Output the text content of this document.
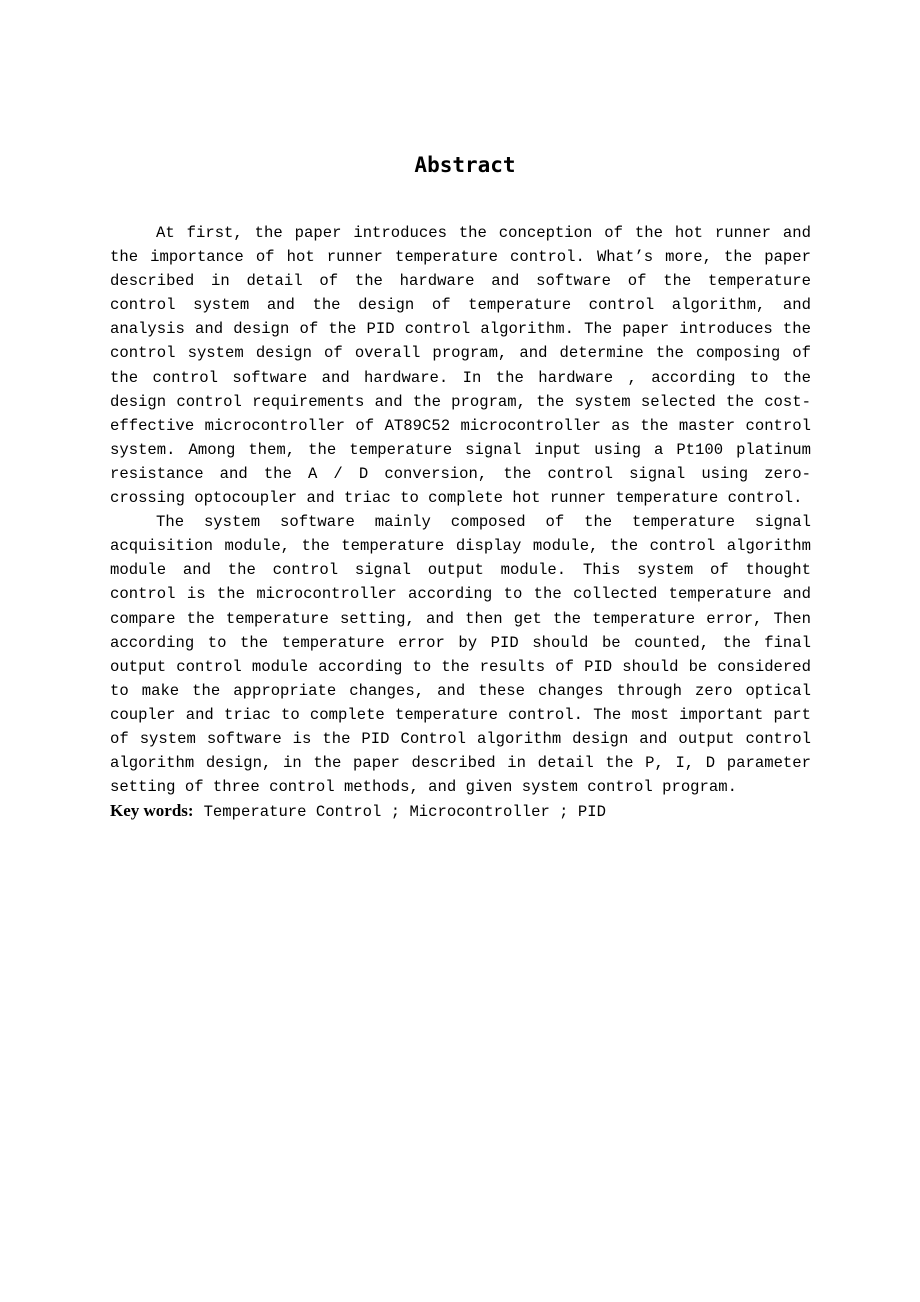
Abstract

At first, the paper introduces the conception of the hot runner and the importance of hot runner temperature control. What’s more, the paper described in detail of the hardware and software of the temperature control system and the design of temperature control algorithm, and analysis and design of the PID control algorithm. The paper introduces the control system design of overall program, and determine the composing of the control software and hardware. In the hardware , according to the design control requirements and the program, the system selected the cost-effective microcontroller of AT89C52 microcontroller as the master control system. Among them, the temperature signal input using a Pt100 platinum resistance and the A / D conversion, the control signal using zero-crossing optocoupler and triac to complete hot runner temperature control.

The system software mainly composed of the temperature signal acquisition module, the temperature display module, the control algorithm module and the control signal output module. This system of thought control is the microcontroller according to the collected temperature and compare the temperature setting, and then get the temperature error, Then according to the temperature error by PID should be counted, the final output control module according to the results of PID should be considered to make the appropriate changes, and these changes through zero optical coupler and triac to complete temperature control. The most important part of system software is the PID Control algorithm design and output control algorithm design, in the paper described in detail the P, I, D parameter setting of three control methods, and given system control program.

Key words: Temperature Control ; Microcontroller ; PID
